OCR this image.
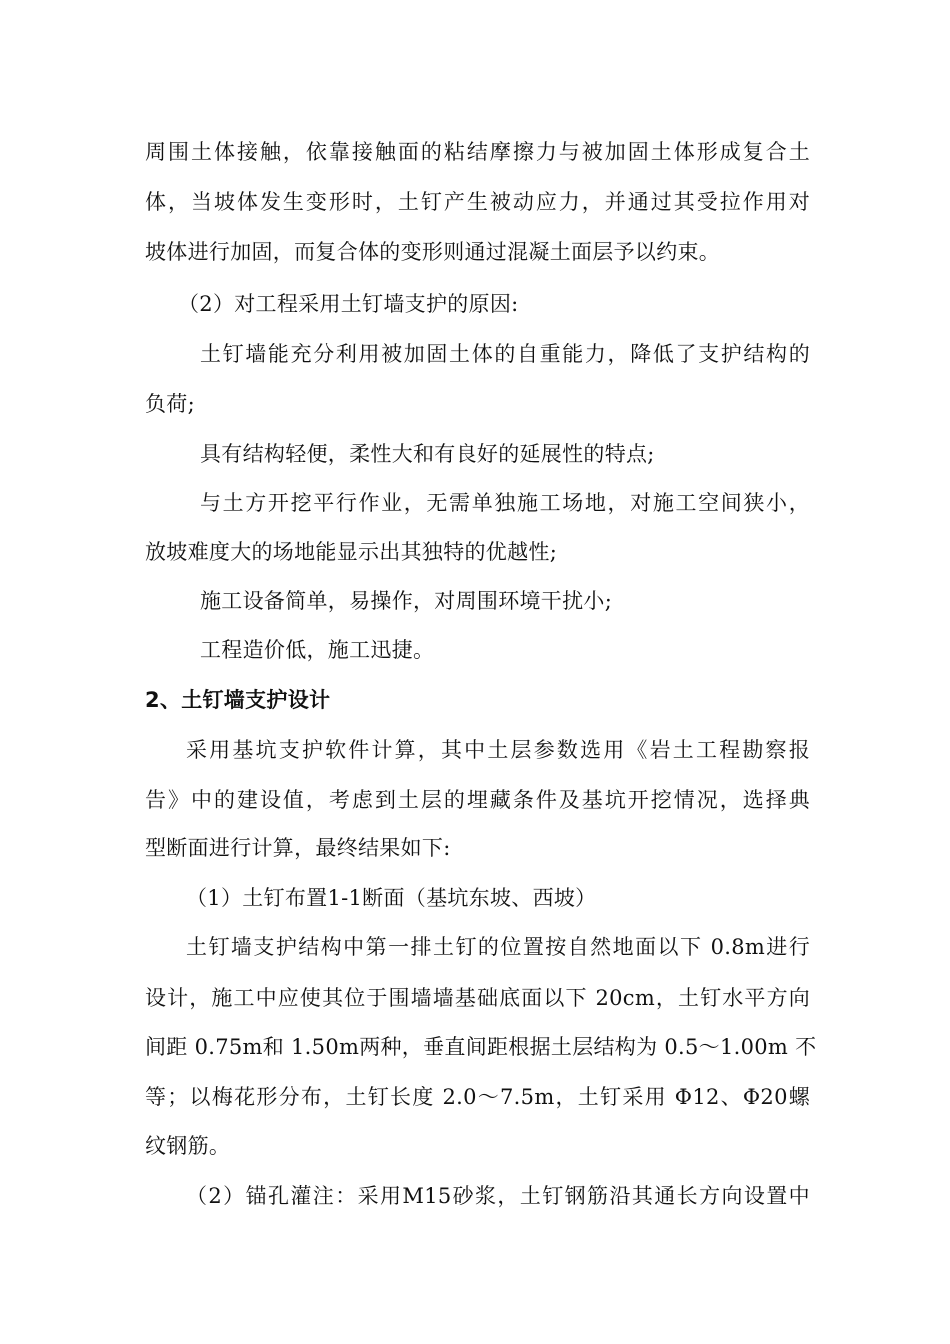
周围土体接触，依靠接触面的粘结摩擦力与被加固土体形成复合土
体，当坡体发生变形时，土钉产生被动应力，并通过其受拉作用对
坡体进行加固，而复合体的变形则通过混凝土面层予以约束。
（2）对工程采用土钉墙支护的原因:
土钉墙能充分利用被加固土体的自重能力，降低了支护结构的
负荷;
具有结构轻便，柔性大和有良好的延展性的特点;
与土方开挖平行作业，无需单独施工场地，对施工空间狭小，
放坡难度大的场地能显示出其独特的优越性;
施工设备简单，易操作，对周围环境干扰小;
工程造价低，施工迅捷。
2、土钉墙支护设计
采用基坑支护软件计算，其中土层参数选用《岩土工程勘察报
告》中的建设值，考虑到土层的埋藏条件及基坑开挖情况，选择典
型断面进行计算，最终结果如下:
（1）土钉布置1-1断面（基坑东坡、西坡）
土钉墙支护结构中第一排土钉的位置按自然地面以下 0.8m进行
设计，施工中应使其位于围墙墙基础底面以下 20cm，土钉水平方向
间距 0.75m和 1.50m两种，垂直间距根据土层结构为 0.5～1.00m 不
等；以梅花形分布，土钉长度 2.0～7.5m，土钉采用 Φ12、Φ20螺
纹钢筋。
（2）锚孔灌注：采用M15砂浆，土钉钢筋沿其通长方向设置中
